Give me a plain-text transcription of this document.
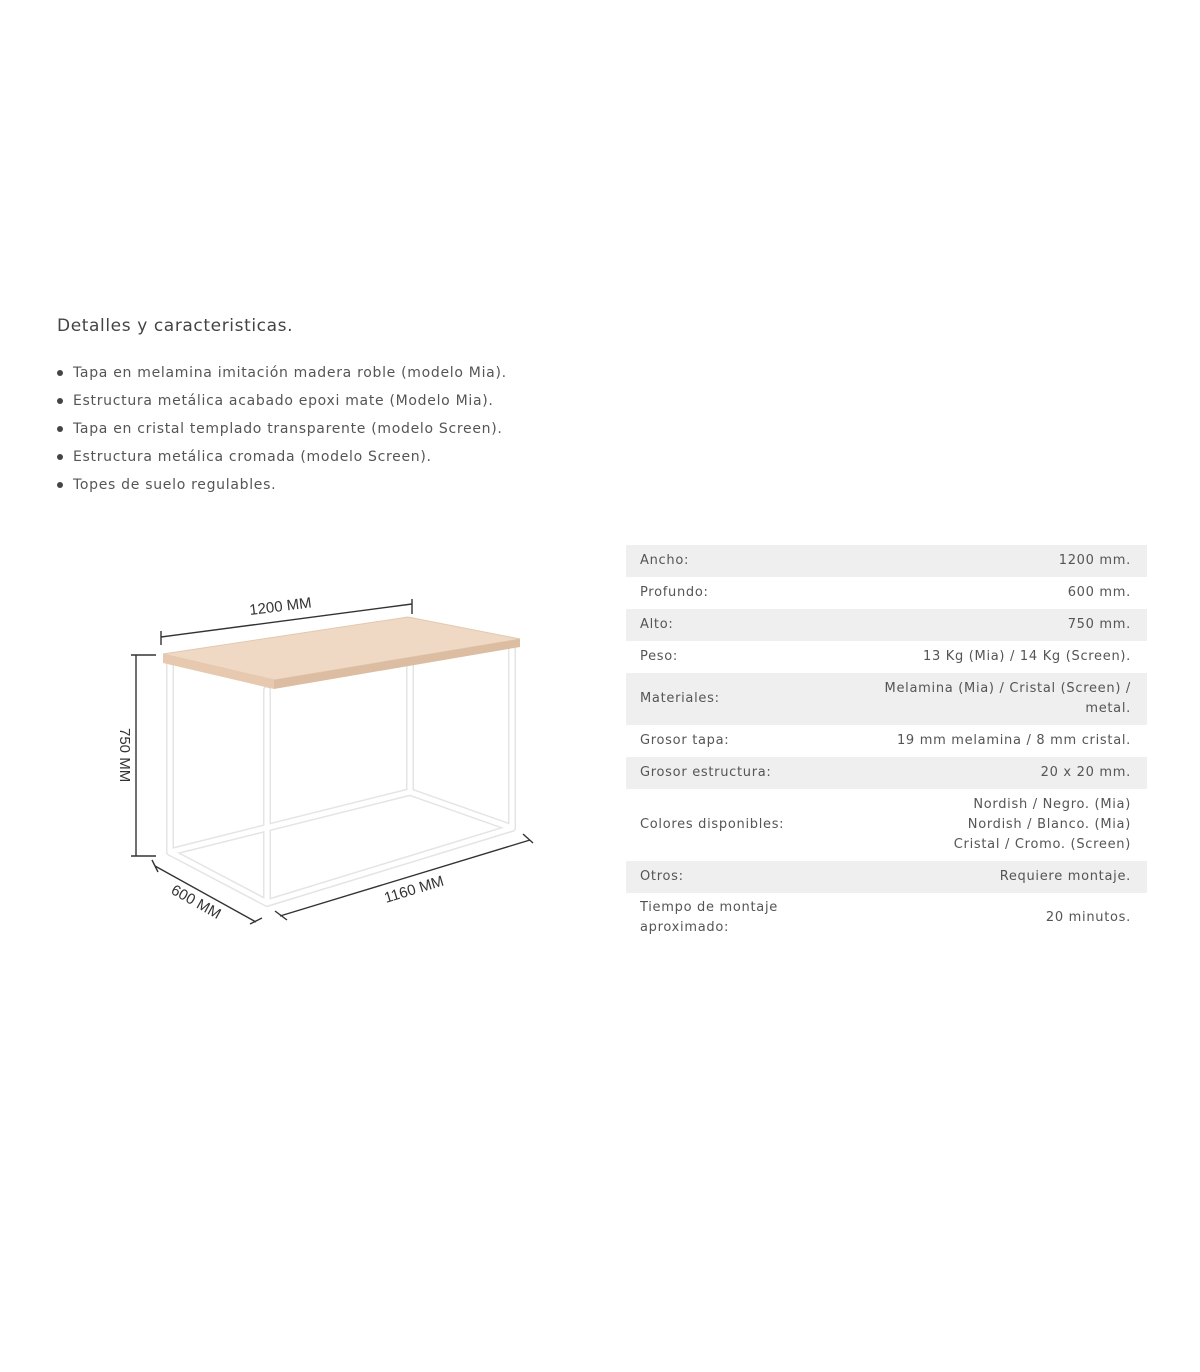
Detalles y caracteristicas.
Tapa en melamina imitación madera roble (modelo Mia).
Estructura metálica acabado epoxi mate (Modelo Mia).
Tapa en cristal templado transparente (modelo Screen).
Estructura metálica cromada (modelo Screen).
Topes de suelo regulables.
1200 MM
750 MM
600 MM	1160 MM
Ancho:	1200 mm.
Profundo:	600 mm.
Alto:	750 mm.
Peso:	13 Kg (Mia) / 14 Kg (Screen).
Materiales:	Melamina (Mia) / Cristal (Screen) /
metal.

Grosor tapa:	19 mm melamina / 8 mm cristal.
Grosor estructura:	20 x 20 mm.
Colores disponibles:	Nordish / Negro. (Mia)
Nordish / Blanco. (Mia)
Cristal / Cromo. (Screen)

Otros:	Requiere montaje.

Tiempo de montaje
aproximado:	20 minutos.
